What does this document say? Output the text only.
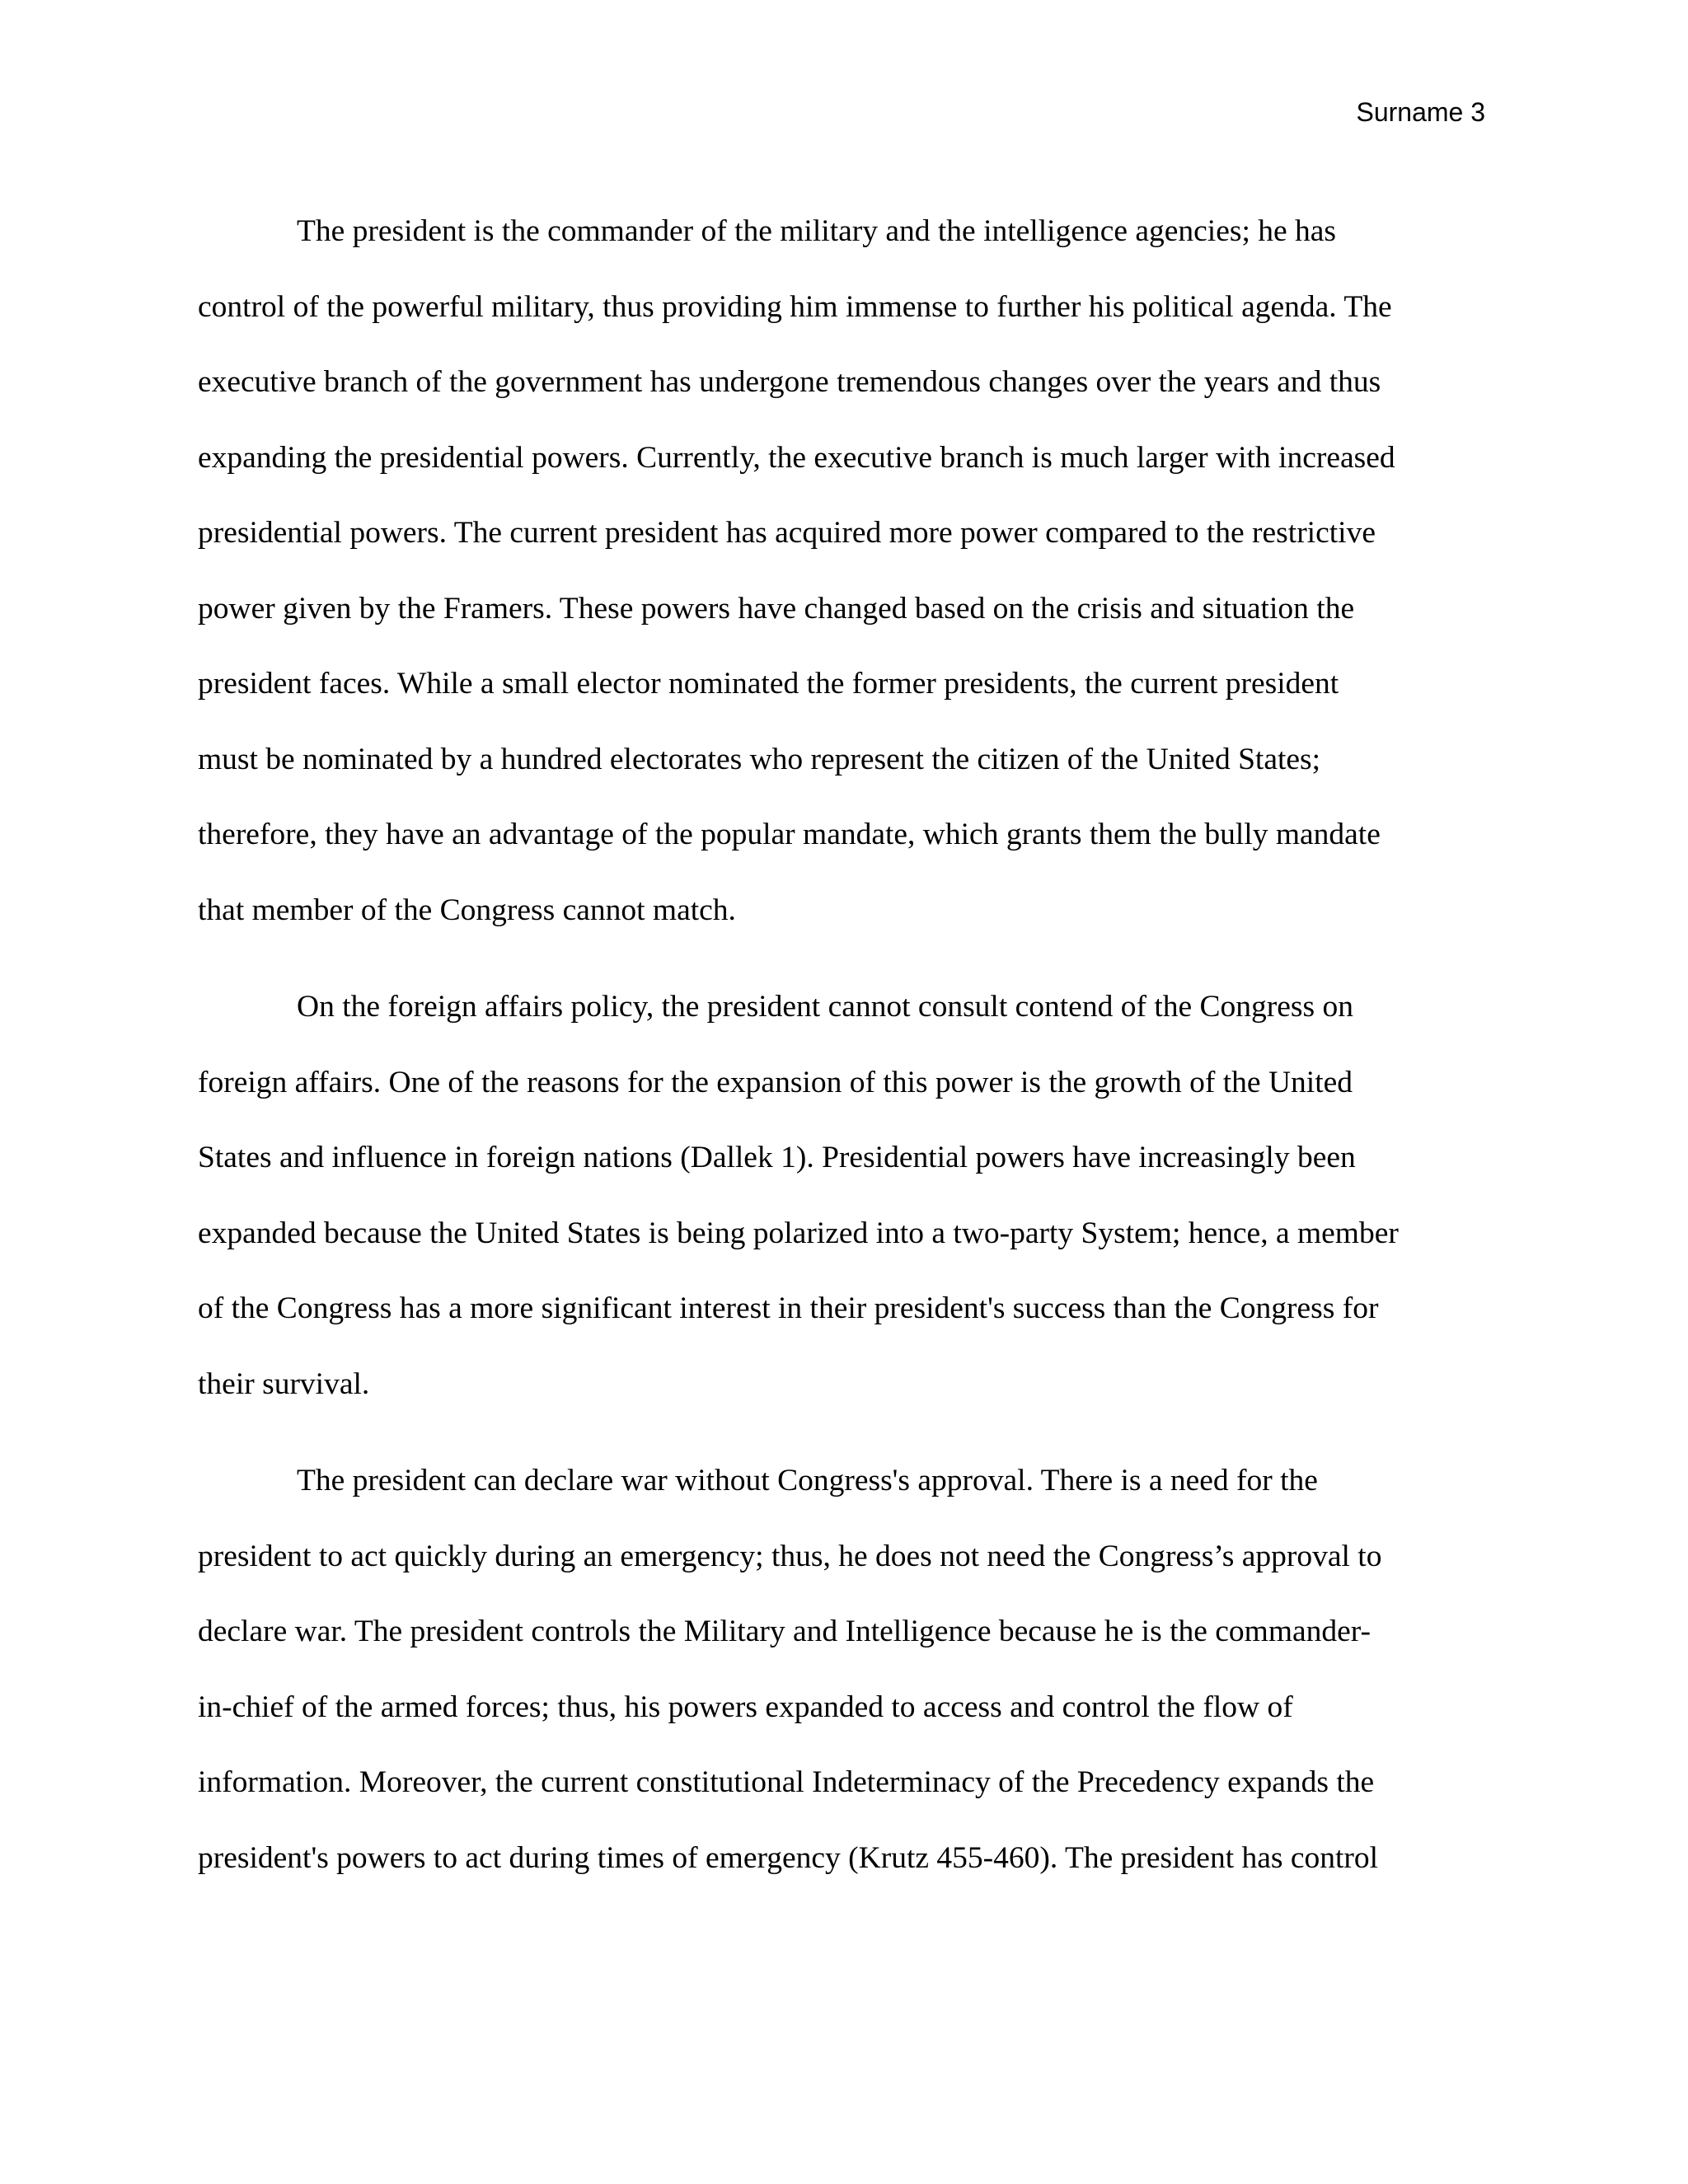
Surname 3
The president is the commander of the military and the intelligence agencies; he has
control of the powerful military, thus providing him immense to further his political agenda. The
executive branch of the government has undergone tremendous changes over the years and thus
expanding the presidential powers. Currently, the executive branch is much larger with increased
presidential powers. The current president has acquired more power compared to the restrictive
power given by the Framers. These powers have changed based on the crisis and situation the
president faces. While a small elector nominated the former presidents, the current president
must be nominated by a hundred electorates who represent the citizen of the United States;
therefore, they have an advantage of the popular mandate, which grants them the bully mandate
that member of the Congress cannot match.
On the foreign affairs policy, the president cannot consult contend of the Congress on
foreign affairs. One of the reasons for the expansion of this power is the growth of the United
States and influence in foreign nations (Dallek 1). Presidential powers have increasingly been
expanded because the United States is being polarized into a two-party System; hence, a member
of the Congress has a more significant interest in their president's success than the Congress for
their survival.
The president can declare war without Congress's approval. There is a need for the
president to act quickly during an emergency; thus, he does not need the Congress’s approval to
declare war. The president controls the Military and Intelligence because he is the commander-
in-chief of the armed forces; thus, his powers expanded to access and control the flow of
information. Moreover, the current constitutional Indeterminacy of the Precedency expands the
president's powers to act during times of emergency (Krutz 455-460). The president has control
